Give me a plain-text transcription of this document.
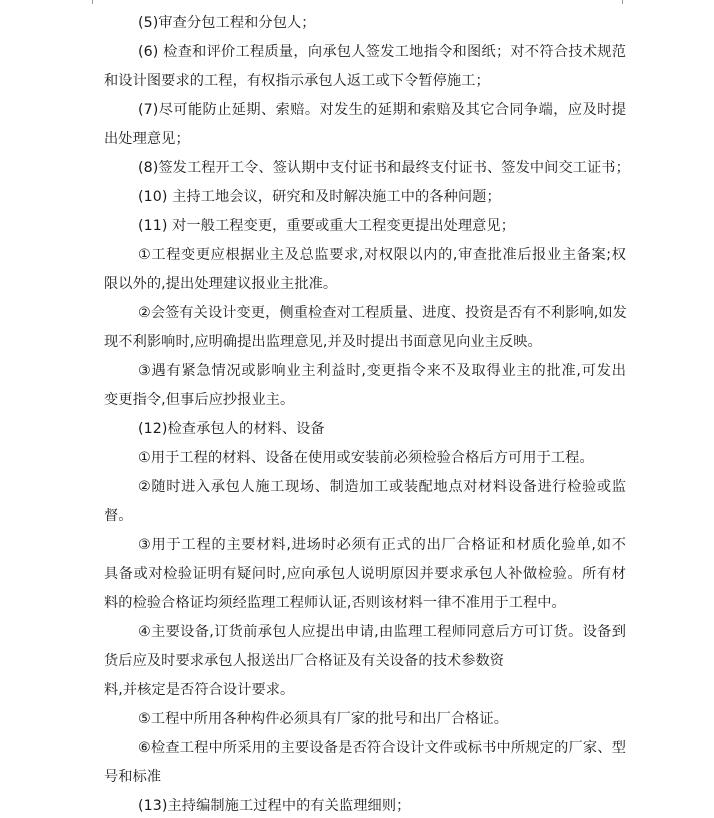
(5)审查分包工程和分包人；
(6) 检查和评价工程质量，向承包人签发工地指令和图纸；对不符合技术规范
和设计图要求的工程，有权指示承包人返工或下令暂停施工；
(7)尽可能防止延期、索赔。对发生的延期和索赔及其它合同争端，应及时提
出处理意见；
(8)签发工程开工令、签认期中支付证书和最终支付证书、签发中间交工证书；
(10) 主持工地会议，研究和及时解决施工中的各种问题；
(11) 对一般工程变更，重要或重大工程变更提出处理意见；
①工程变更应根据业主及总监要求,对权限以内的,审查批准后报业主备案;权
限以外的,提出处理建议报业主批准。
②会签有关设计变更，侧重检查对工程质量、进度、投资是否有不利影响,如发
现不利影响时,应明确提出监理意见,并及时提出书面意见向业主反映。
③遇有紧急情况或影响业主利益时,变更指令来不及取得业主的批准,可发出
变更指令,但事后应抄报业主。
(12)检查承包人的材料、设备
①用于工程的材料、设备在使用或安装前必须检验合格后方可用于工程。
②随时进入承包人施工现场、制造加工或装配地点对材料设备进行检验或监
督。
③用于工程的主要材料,进场时必须有正式的出厂合格证和材质化验单,如不
具备或对检验证明有疑问时,应向承包人说明原因并要求承包人补做检验。所有材
料的检验合格证均须经监理工程师认证,否则该材料一律不准用于工程中。
④主要设备,订货前承包人应提出申请,由监理工程师同意后方可订货。设备到
货后应及时要求承包人报送出厂合格证及有关设备的技术参数资
料,并核定是否符合设计要求。
⑤工程中所用各种构件必须具有厂家的批号和出厂合格证。
⑥检查工程中所采用的主要设备是否符合设计文件或标书中所规定的厂家、型
号和标准
(13)主持编制施工过程中的有关监理细则；
